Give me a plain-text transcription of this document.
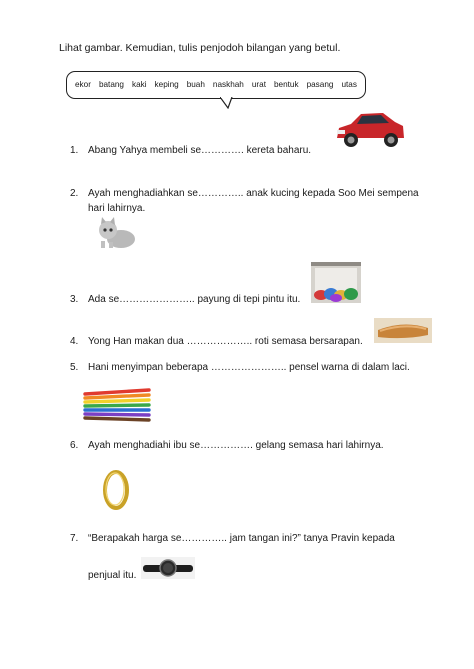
Lihat gambar. Kemudian, tulis penjodoh bilangan yang betul.
ekor batang kaki keping buah naskhah urat bentuk pasang utas
1. Abang Yahya membeli se…………. kereta baharu.
2. Ayah menghadiahkan se………….. anak kucing kepada Soo Mei sempena
hari lahirnya.
3. Ada se………………….. payung di tepi pintu itu.
4. Yong Han makan dua ……………….. roti semasa bersarapan.
5. Hani menyimpan beberapa ………………….. pensel warna di dalam laci.
6. Ayah menghadiahi ibu se……………. gelang semasa hari lahirnya.
7. “Berapakah harga se………….. jam tangan ini?” tanya Pravin kepada
penjual itu.
